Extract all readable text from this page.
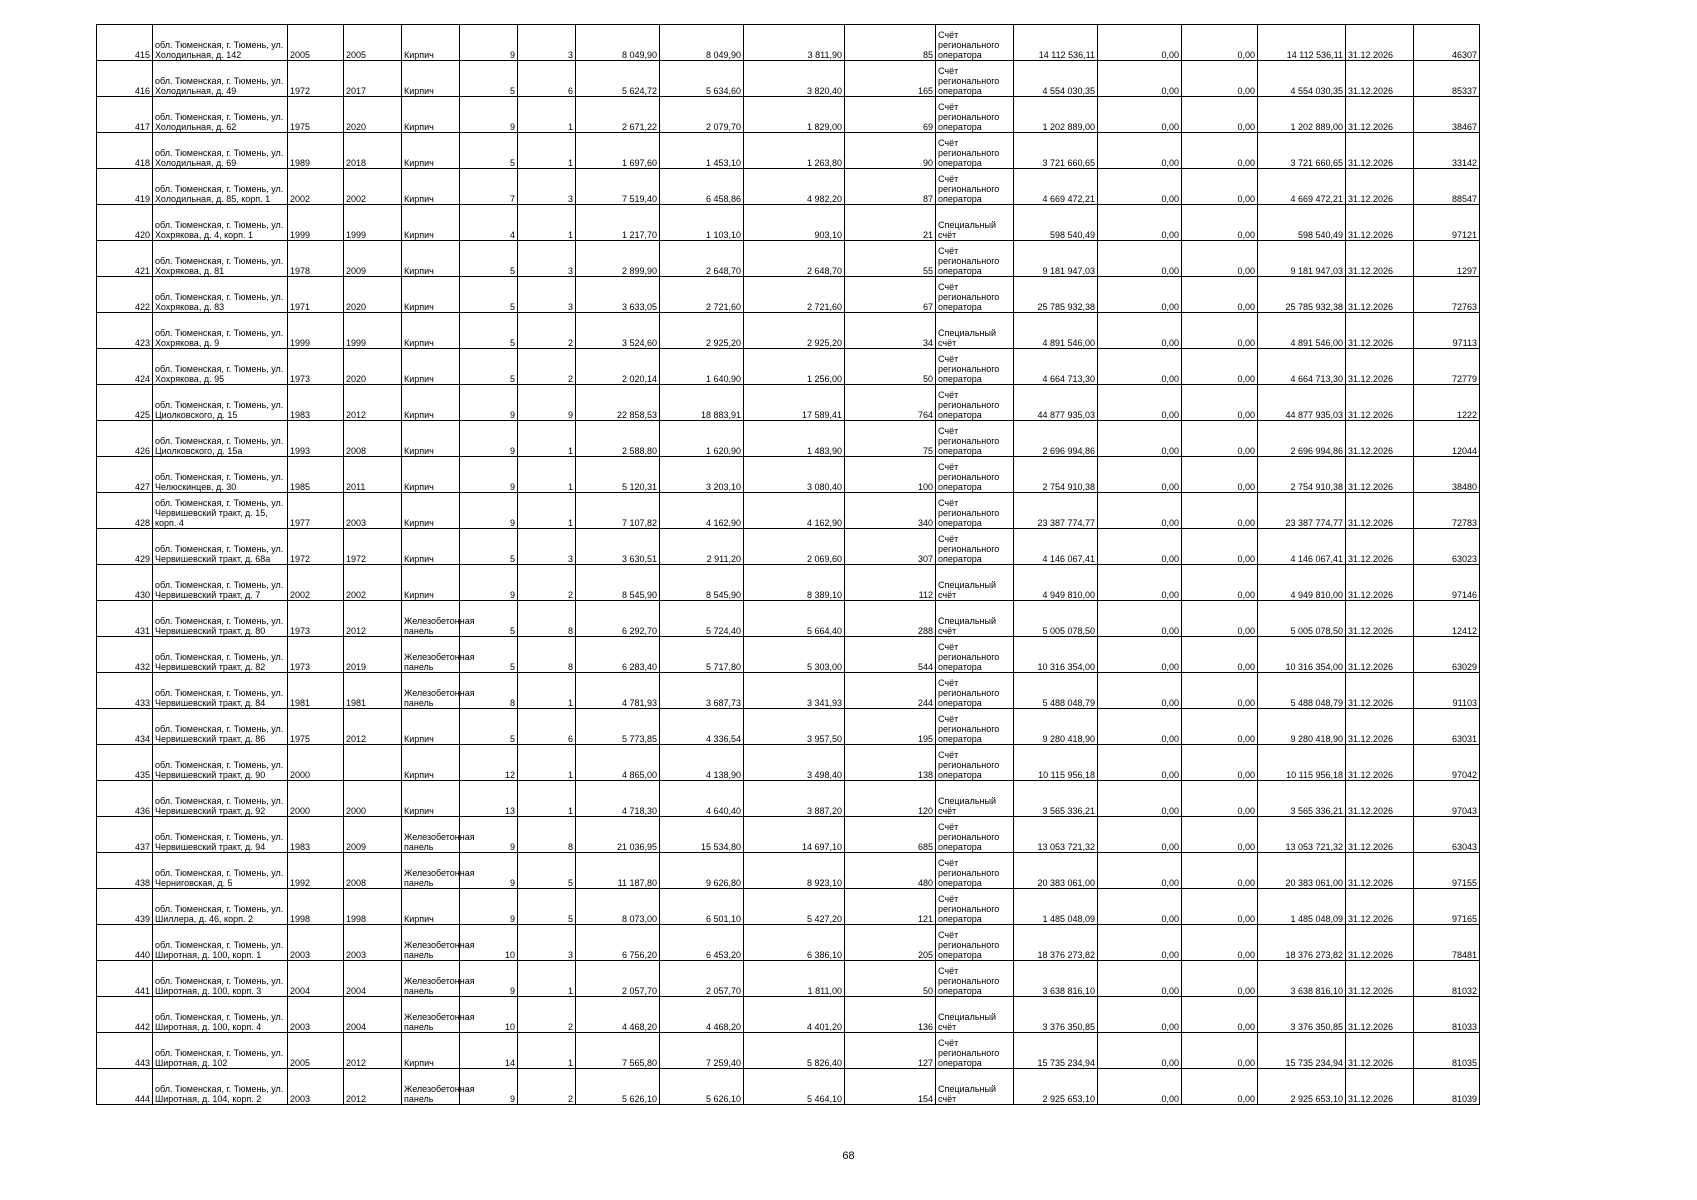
415	обл. Тюменская, г. Тюмень, ул. Холодильная, д. 142	2005	2005	Кирпич	9	3	8 049,90	8 049,90	3 811,90	85	Счёт регионального оператора	14 112 536,11	0,00	0,00	14 112 536,11	31.12.2026	46307
416	обл. Тюменская, г. Тюмень, ул. Холодильная, д. 49	1972	2017	Кирпич	5	6	5 624,72	5 634,60	3 820,40	165	Счёт регионального оператора	4 554 030,35	0,00	0,00	4 554 030,35	31.12.2026	85337
417	обл. Тюменская, г. Тюмень, ул. Холодильная, д. 62	1975	2020	Кирпич	9	1	2 671,22	2 079,70	1 829,00	69	Счёт регионального оператора	1 202 889,00	0,00	0,00	1 202 889,00	31.12.2026	38467
418	обл. Тюменская, г. Тюмень, ул. Холодильная, д. 69	1989	2018	Кирпич	5	1	1 697,60	1 453,10	1 263,80	90	Счёт регионального оператора	3 721 660,65	0,00	0,00	3 721 660,65	31.12.2026	33142
419	обл. Тюменская, г. Тюмень, ул. Холодильная, д. 85, корп. 1	2002	2002	Кирпич	7	3	7 519,40	6 458,86	4 982,20	87	Счёт регионального оператора	4 669 472,21	0,00	0,00	4 669 472,21	31.12.2026	88547
420	обл. Тюменская, г. Тюмень, ул. Хохрякова, д. 4, корп. 1	1999	1999	Кирпич	4	1	1 217,70	1 103,10	903,10	21	Специальный счёт	598 540,49	0,00	0,00	598 540,49	31.12.2026	97121
421	обл. Тюменская, г. Тюмень, ул. Хохрякова, д. 81	1978	2009	Кирпич	5	3	2 899,90	2 648,70	2 648,70	55	Счёт регионального оператора	9 181 947,03	0,00	0,00	9 181 947,03	31.12.2026	1297
422	обл. Тюменская, г. Тюмень, ул. Хохрякова, д. 83	1971	2020	Кирпич	5	3	3 633,05	2 721,60	2 721,60	67	Счёт регионального оператора	25 785 932,38	0,00	0,00	25 785 932,38	31.12.2026	72763
423	обл. Тюменская, г. Тюмень, ул. Хохрякова, д. 9	1999	1999	Кирпич	5	2	3 524,60	2 925,20	2 925,20	34	Специальный счёт	4 891 546,00	0,00	0,00	4 891 546,00	31.12.2026	97113
424	обл. Тюменская, г. Тюмень, ул. Хохрякова, д. 95	1973	2020	Кирпич	5	2	2 020,14	1 640,90	1 256,00	50	Счёт регионального оператора	4 664 713,30	0,00	0,00	4 664 713,30	31.12.2026	72779
425	обл. Тюменская, г. Тюмень, ул. Циолковского, д. 15	1983	2012	Кирпич	9	9	22 858,53	18 883,91	17 589,41	764	Счёт регионального оператора	44 877 935,03	0,00	0,00	44 877 935,03	31.12.2026	1222
426	обл. Тюменская, г. Тюмень, ул. Циолковского, д. 15а	1993	2008	Кирпич	9	1	2 588,80	1 620,90	1 483,90	75	Счёт регионального оператора	2 696 994,86	0,00	0,00	2 696 994,86	31.12.2026	12044
427	обл. Тюменская, г. Тюмень, ул. Челюскинцев, д. 30	1985	2011	Кирпич	9	1	5 120,31	3 203,10	3 080,40	100	Счёт регионального оператора	2 754 910,38	0,00	0,00	2 754 910,38	31.12.2026	38480
428	обл. Тюменская, г. Тюмень, ул. Червишевский тракт, д. 15, корп. 4	1977	2003	Кирпич	9	1	7 107,82	4 162,90	4 162,90	340	Счёт регионального оператора	23 387 774,77	0,00	0,00	23 387 774,77	31.12.2026	72783
429	обл. Тюменская, г. Тюмень, ул. Червишевский тракт, д. 68а	1972	1972	Кирпич	5	3	3 630,51	2 911,20	2 069,60	307	Счёт регионального оператора	4 146 067,41	0,00	0,00	4 146 067,41	31.12.2026	63023
430	обл. Тюменская, г. Тюмень, ул. Червишевский тракт, д. 7	2002	2002	Кирпич	9	2	8 545,90	8 545,90	8 389,10	112	Специальный счёт	4 949 810,00	0,00	0,00	4 949 810,00	31.12.2026	97146
431	обл. Тюменская, г. Тюмень, ул. Червишевский тракт, д. 80	1973	2012	Железобетонная панель	5	8	6 292,70	5 724,40	5 664,40	288	Специальный счёт	5 005 078,50	0,00	0,00	5 005 078,50	31.12.2026	12412
432	обл. Тюменская, г. Тюмень, ул. Червишевский тракт, д. 82	1973	2019	Железобетонная панель	5	8	6 283,40	5 717,80	5 303,00	544	Счёт регионального оператора	10 316 354,00	0,00	0,00	10 316 354,00	31.12.2026	63029
433	обл. Тюменская, г. Тюмень, ул. Червишевский тракт, д. 84	1981	1981	Железобетонная панель	8	1	4 781,93	3 687,73	3 341,93	244	Счёт регионального оператора	5 488 048,79	0,00	0,00	5 488 048,79	31.12.2026	91103
434	обл. Тюменская, г. Тюмень, ул. Червишевский тракт, д. 86	1975	2012	Кирпич	5	6	5 773,85	4 336,54	3 957,50	195	Счёт регионального оператора	9 280 418,90	0,00	0,00	9 280 418,90	31.12.2026	63031
435	обл. Тюменская, г. Тюмень, ул. Червишевский тракт, д. 90	2000		Кирпич	12	1	4 865,00	4 138,90	3 498,40	138	Счёт регионального оператора	10 115 956,18	0,00	0,00	10 115 956,18	31.12.2026	97042
436	обл. Тюменская, г. Тюмень, ул. Червишевский тракт, д. 92	2000	2000	Кирпич	13	1	4 718,30	4 640,40	3 887,20	120	Специальный счёт	3 565 336,21	0,00	0,00	3 565 336,21	31.12.2026	97043
437	обл. Тюменская, г. Тюмень, ул. Червишевский тракт, д. 94	1983	2009	Железобетонная панель	9	8	21 036,95	15 534,80	14 697,10	685	Счёт регионального оператора	13 053 721,32	0,00	0,00	13 053 721,32	31.12.2026	63043
438	обл. Тюменская, г. Тюмень, ул. Черниговская, д. 5	1992	2008	Железобетонная панель	9	5	11 187,80	9 626,80	8 923,10	480	Счёт регионального оператора	20 383 061,00	0,00	0,00	20 383 061,00	31.12.2026	97155
439	обл. Тюменская, г. Тюмень, ул. Шиллера, д. 46, корп. 2	1998	1998	Кирпич	9	5	8 073,00	6 501,10	5 427,20	121	Счёт регионального оператора	1 485 048,09	0,00	0,00	1 485 048,09	31.12.2026	97165
440	обл. Тюменская, г. Тюмень, ул. Широтная, д. 100, корп. 1	2003	2003	Железобетонная панель	10	3	6 756,20	6 453,20	6 386,10	205	Счёт регионального оператора	18 376 273,82	0,00	0,00	18 376 273,82	31.12.2026	78481
441	обл. Тюменская, г. Тюмень, ул. Широтная, д. 100, корп. 3	2004	2004	Железобетонная панель	9	1	2 057,70	2 057,70	1 811,00	50	Счёт регионального оператора	3 638 816,10	0,00	0,00	3 638 816,10	31.12.2026	81032
442	обл. Тюменская, г. Тюмень, ул. Широтная, д. 100, корп. 4	2003	2004	Железобетонная панель	10	2	4 468,20	4 468,20	4 401,20	136	Специальный счёт	3 376 350,85	0,00	0,00	3 376 350,85	31.12.2026	81033
443	обл. Тюменская, г. Тюмень, ул. Широтная, д. 102	2005	2012	Кирпич	14	1	7 565,80	7 259,40	5 826,40	127	Счёт регионального оператора	15 735 234,94	0,00	0,00	15 735 234,94	31.12.2026	81035
444	обл. Тюменская, г. Тюмень, ул. Широтная, д. 104, корп. 2	2003	2012	Железобетонная панель	9	2	5 626,10	5 626,10	5 464,10	154	Специальный счёт	2 925 653,10	0,00	0,00	2 925 653,10	31.12.2026	81039
68
